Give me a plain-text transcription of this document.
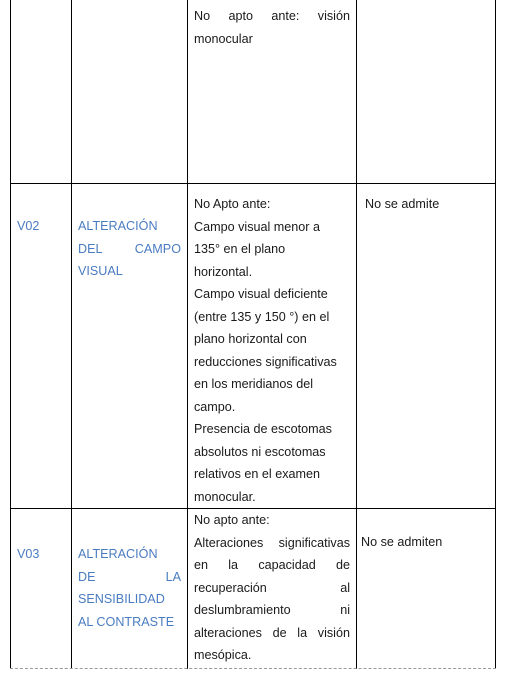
No apto ante: visión
monocular
V02	ALTERACIÓN
DEL CAMPO
VISUAL
No Apto ante:
Campo visual menor a
135° en el plano
horizontal.
Campo visual deficiente
(entre 135 y 150 °) en el
plano horizontal con
reducciones significativas
en los meridianos del
campo.
Presencia de escotomas
absolutos ni escotomas
relativos en el examen
monocular.
No se admite
V03	ALTERACIÓN
DE LA
SENSIBILIDAD
AL CONTRASTE
No apto ante:
Alteraciones significativas
en la capacidad de
recuperación al
deslumbramiento ni
alteraciones de la visión
mesópica.
No se admiten
